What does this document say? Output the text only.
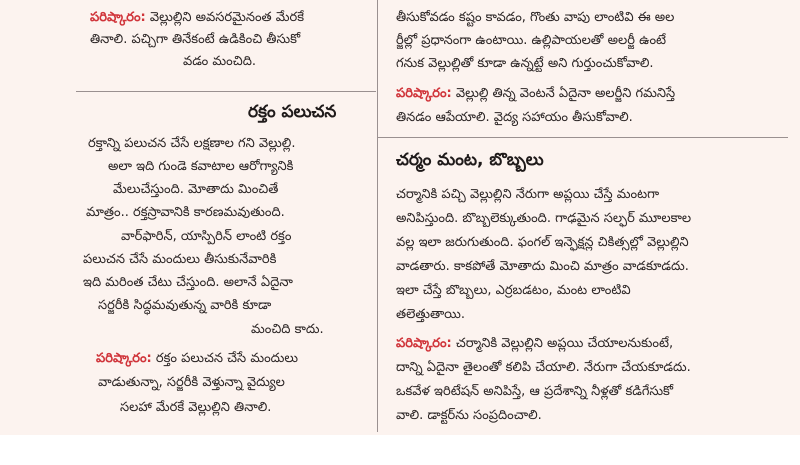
పరిష్కారం: వెల్లుల్లిని అవసరమైనంత మేరకే
తినాలి. పచ్చిగా తినేకంటే ఉడికించి తీసుకో
వడం మంచిది.
రక్తం పలుచన
రక్తాన్ని పలుచన చేసే లక్షణాల గని వెల్లుల్లి.
అలా ఇది గుండె కవాటాల ఆరోగ్యానికి
మేలుచేస్తుంది. మోతాదు మించితే
మాత్రం.. రక్తస్రావానికి కారణమవుతుంది.
వార్‌ఫారిన్, యాస్పిరిన్ లాంటి రక్తం
పలుచన చేసే మందులు తీసుకునేవారికి
ఇది మరింత చేటు చేస్తుంది. అలానే ఏదైనా
సర్జరీకి సిద్ధమవుతున్న వారికి కూడా
మంచిది కాదు.
పరిష్కారం: రక్తం పలుచన చేసే మందులు
వాడుతున్నా, సర్జరీకి వెళ్తున్నా వైద్యుల
సలహా మేరకే వెల్లుల్లిని తినాలి.
తీసుకోవడం కష్టం కావడం, గొంతు వాపు లాంటివి ఈ అల
ర్జీల్లో ప్రధానంగా ఉంటాయి. ఉల్లిపాయలతో అలర్జీ ఉంటే
గనుక వెల్లుల్లితో కూడా ఉన్నట్టే అని గుర్తుంచుకోవాలి.
పరిష్కారం: వెల్లుల్లి తిన్న వెంటనే ఏదైనా అలర్జీని గమనిస్తే
తినడం ఆపేయాలి. వైద్య సహాయం తీసుకోవాలి.
చర్మం మంట, బొబ్బలు
చర్మానికి పచ్చి వెల్లుల్లిని నేరుగా అప్లయి చేస్తే మంటగా
అనిపిస్తుంది. బొబ్బలెక్కుతుంది. గాఢమైన సల్ఫర్ మూలకాల
వల్ల ఇలా జరుగుతుంది. ఫంగల్ ఇన్ఫెక్షన్ల చికిత్సల్లో వెల్లుల్లిని
వాడతారు. కాకపోతే మోతాదు మించి మాత్రం వాడకూడదు.
ఇలా చేస్తే బొబ్బలు, ఎర్రబడటం, మంట లాంటివి
తలెత్తుతాయి.
పరిష్కారం: చర్మానికి వెల్లుల్లిని అప్లయి చేయాలనుకుంటే,
దాన్ని ఏదైనా తైలంతో కలిపి చేయాలి. నేరుగా చేయకూడదు.
ఒకవేళ ఇరిటేషన్ అనిపిస్తే, ఆ ప్రదేశాన్ని నీళ్లతో కడిగేసుకో
వాలి. డాక్టర్‌ను సంప్రదించాలి.
